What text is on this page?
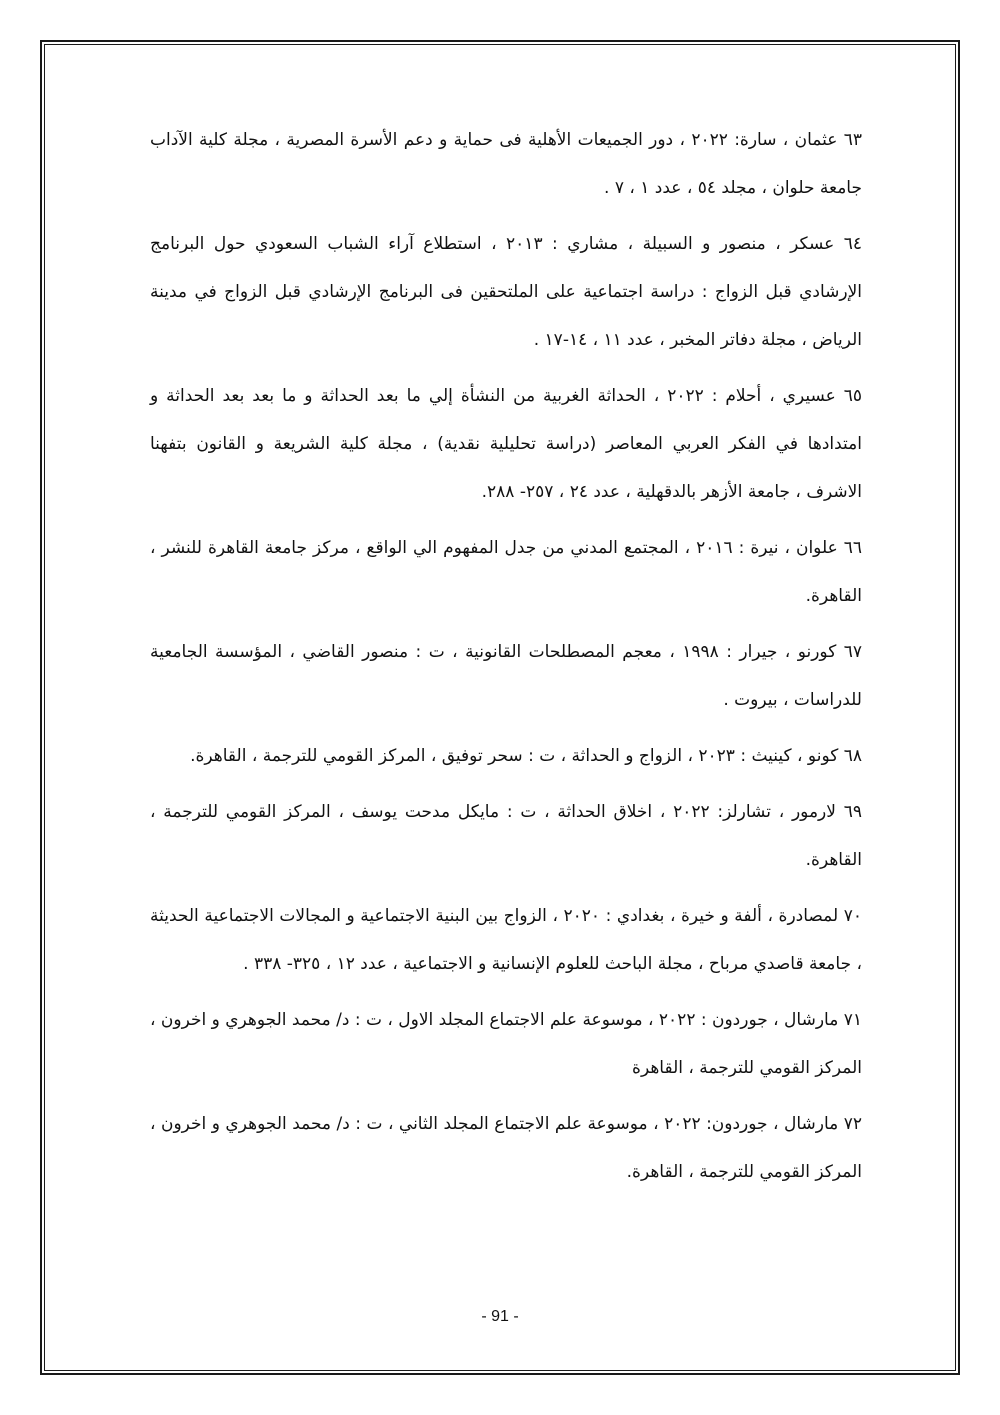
٦٣ عثمان ، سارة: ٢٠٢٢ ، دور الجميعات الأهلية فى حماية و دعم الأسرة المصرية ، مجلة كلية الآداب جامعة حلوان ، مجلد ٥٤ ، عدد ١ ، ٧ .

٦٤ عسكر ، منصور و السبيلة ، مشاري : ٢٠١٣ ، استطلاع آراء الشباب السعودي حول البرنامج الإرشادي قبل الزواج : دراسة اجتماعية على الملتحقين فى البرنامج الإرشادي قبل الزواج في مدينة الرياض ، مجلة دفاتر المخبر ، عدد ١١ ، ١٤-١٧ .

٦٥ عسيري ، أحلام : ٢٠٢٢ ، الحداثة الغربية من النشأة إلي ما بعد الحداثة و ما بعد بعد الحداثة و امتدادها في الفكر العربي المعاصر (دراسة تحليلية نقدية) ، مجلة كلية الشريعة و القانون بتفهنا الاشرف ، جامعة الأزهر بالدقهلية ، عدد ٢٤ ، ٢٥٧- ٢٨٨.

٦٦ علوان ، نيرة : ٢٠١٦ ، المجتمع المدني من جدل المفهوم الي الواقع ، مركز جامعة القاهرة للنشر ، القاهرة.

٦٧ كورنو ، جيرار : ١٩٩٨ ، معجم المصطلحات القانونية ، ت : منصور القاضي ، المؤسسة الجامعية للدراسات ، بيروت .

٦٨ كونو ، كينيث : ٢٠٢٣ ، الزواج و الحداثة ، ت : سحر توفيق ، المركز القومي للترجمة ، القاهرة.

٦٩ لارمور ، تشارلز: ٢٠٢٢ ، اخلاق الحداثة ، ت : مايكل مدحت يوسف ، المركز القومي للترجمة ، القاهرة.

٧٠ لمصادرة ، ألفة و خيرة ، بغدادي : ٢٠٢٠ ، الزواج بين البنية الاجتماعية و المجالات الاجتماعية الحديثة ، جامعة قاصدي مرباح ، مجلة الباحث للعلوم الإنسانية و الاجتماعية ، عدد ١٢ ، ٣٢٥- ٣٣٨ .

٧١ مارشال ، جوردون : ٢٠٢٢ ، موسوعة علم الاجتماع المجلد الاول ، ت : د/ محمد الجوهري و اخرون ، المركز القومي للترجمة ، القاهرة

٧٢ مارشال ، جوردون: ٢٠٢٢ ، موسوعة علم الاجتماع المجلد الثاني ، ت : د/ محمد الجوهري و اخرون ، المركز القومي للترجمة ، القاهرة.

- 91 -
